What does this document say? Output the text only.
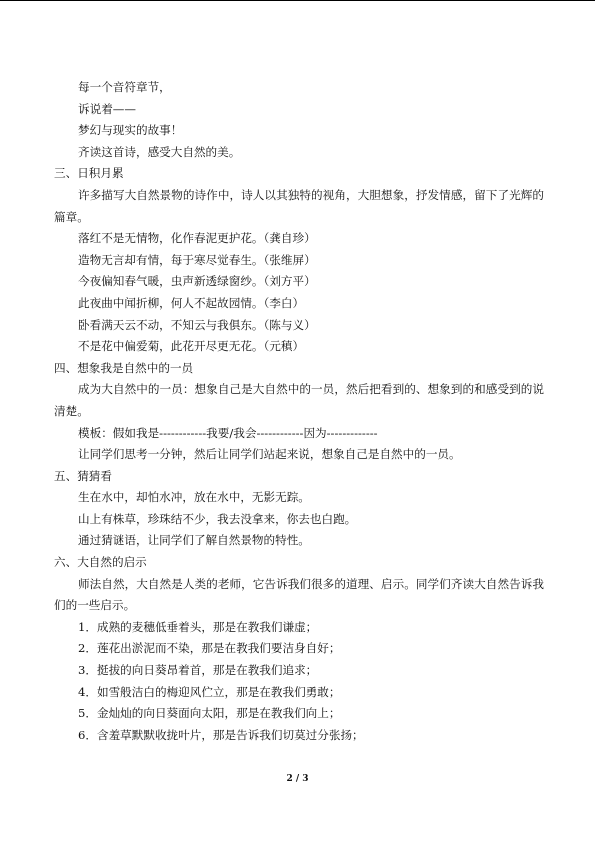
每一个音符章节，
诉说着——
梦幻与现实的故事！
齐读这首诗，感受大自然的美。
三、日积月累
许多描写大自然景物的诗作中，诗人以其独特的视角，大胆想象，抒发情感，留下了光辉的篇章。
落红不是无情物，化作春泥更护花。（龚自珍）
造物无言却有情，每于寒尽觉春生。（张维屏）
今夜偏知春气暖，虫声新透绿窗纱。（刘方平）
此夜曲中闻折柳，何人不起故园情。（李白）
卧看满天云不动，不知云与我俱东。（陈与义）
不是花中偏爱菊，此花开尽更无花。（元稹）
四、想象我是自然中的一员
成为大自然中的一员：想象自己是大自然中的一员，然后把看到的、想象到的和感受到的说清楚。
模板：假如我是------------我要/我会------------因为-------------
让同学们思考一分钟，然后让同学们站起来说，想象自己是自然中的一员。
五、猜猜看
生在水中，却怕水冲，放在水中，无影无踪。
山上有株草，珍珠结不少，我去没拿来，你去也白跑。
通过猜谜语，让同学们了解自然景物的特性。
六、大自然的启示
师法自然，大自然是人类的老师，它告诉我们很多的道理、启示。同学们齐读大自然告诉我们的一些启示。
1．成熟的麦穗低垂着头，那是在教我们谦虚；
2．莲花出淤泥而不染，那是在教我们要洁身自好；
3．挺拔的向日葵昂着首，那是在教我们追求；
4．如雪般洁白的梅迎风伫立，那是在教我们勇敢；
5．金灿灿的向日葵面向太阳，那是在教我们向上；
6．含羞草默默收拢叶片，那是告诉我们切莫过分张扬；
2 / 3
